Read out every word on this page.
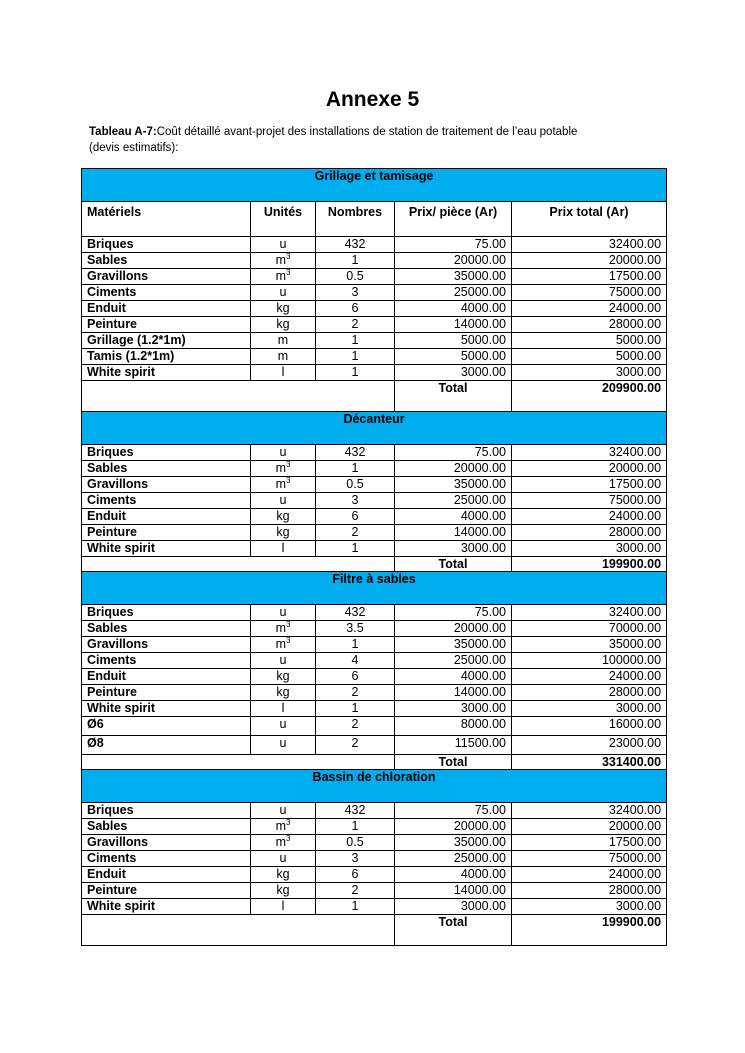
Annexe 5
Tableau A-7:Coût détaillé avant-projet des installations de station de traitement de l’eau potable (devis estimatifs):
Grillage et tamisage				
Matériels	Unités	Nombres	Prix/ pièce (Ar)	Prix total (Ar)
Briques	u	432	75.00	32400.00
Sables	$m^3$	1	20000.00	20000.00
Gravillons	$m^3$	0.5	35000.00	17500.00
Ciments	u	3	25000.00	75000.00
Enduit	kg	6	4000.00	24000.00
Peinture	kg	2	14000.00	28000.00
Grillage (1.2*1m)	m	1	5000.00	5000.00
Tamis (1.2*1m)	m	1	5000.00	5000.00
White spirit	l	1	3000.00	3000.00
			Total	209900.00
Décanteur				
Briques	u	432	75.00	32400.00
Sables	$m^3$	1	20000.00	20000.00
Gravillons	$m^3$	0.5	35000.00	17500.00
Ciments	u	3	25000.00	75000.00
Enduit	kg	6	4000.00	24000.00
Peinture	kg	2	14000.00	28000.00
White spirit	l	1	3000.00	3000.00
			Total	199900.00
Filtre à sables				
Briques	u	432	75.00	32400.00
Sables	$m^3$	3.5	20000.00	70000.00
Gravillons	$m^3$	1	35000.00	35000.00
Ciments	u	4	25000.00	100000.00
Enduit	kg	6	4000.00	24000.00
Peinture	kg	2	14000.00	28000.00
White spirit	l	1	3000.00	3000.00
Ø6	u	2	8000.00	16000.00
Ø8	u	2	11500.00	23000.00
			Total	331400.00
Bassin de chloration				
Briques	u	432	75.00	32400.00
Sables	$m^3$	1	20000.00	20000.00
Gravillons	$m^3$	0.5	35000.00	17500.00
Ciments	u	3	25000.00	75000.00
Enduit	kg	6	4000.00	24000.00
Peinture	kg	2	14000.00	28000.00
White spirit	l	1	3000.00	3000.00
			Total	199900.00
